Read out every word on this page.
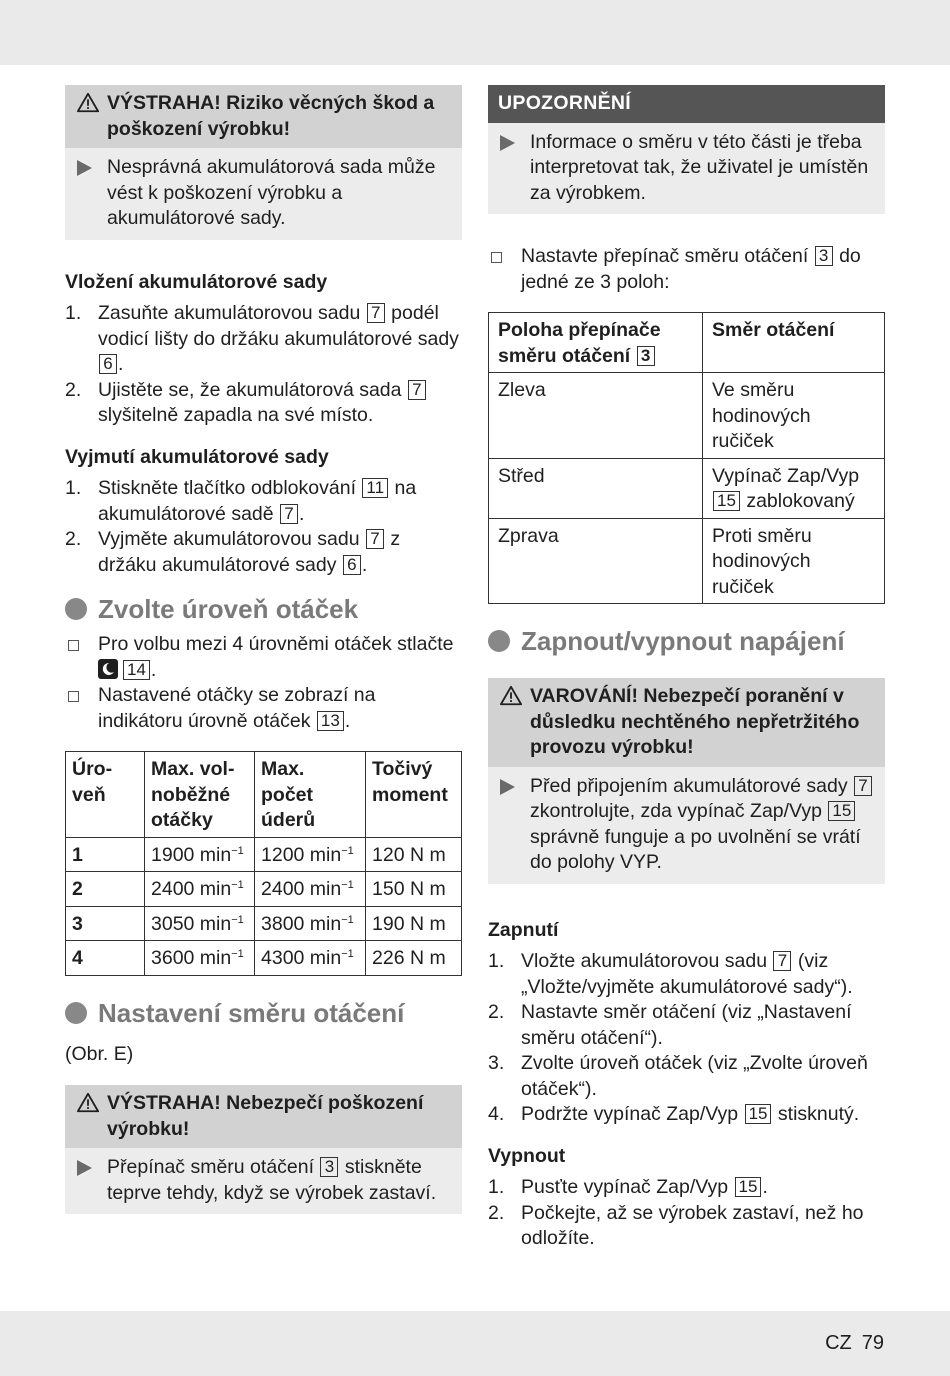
VÝSTRAHA! Riziko věcných škod a poškození výrobku!
Nesprávná akumulátorová sada může vést k poškození výrobku a akumulátorové sady.
Vložení akumulátorové sady
1. Zasuňte akumulátorovou sadu 7 podél vodicí lišty do držáku akumulátorové sady 6 .
2. Ujistěte se, že akumulátorová sada 7 slyšitelně zapadla na své místo.
Vyjmutí akumulátorové sady
1. Stiskněte tlačítko odblokování 11 na akumulátorové sadě 7 .
2. Vyjměte akumulátorovou sadu 7 z držáku akumulátorové sady 6 .
Zvolte úroveň otáček
Pro volbu mezi 4 úrovněmi otáček stlačte 14 .
Nastavené otáčky se zobrazí na indikátoru úrovně otáček 13 .
Úro-veň	Max. vol-noběžné otáčky	Max. počet úderů	Točivý moment
1	1900 $\min^{-1}$	1200 $\min^{-1}$	120 N m
2	2400 $\min^{-1}$	2400 $\min^{-1}$	150 N m
3	3050 $\min^{-1}$	3800 $\min^{-1}$	190 N m
4	3600 $\min^{-1}$	4300 $\min^{-1}$	226 N m
Nastavení směru otáčení

(Obr. E)

VÝSTRAHA! Nebezpečí poškození výrobku!
Přepínač směru otáčení 3 stiskněte teprve tehdy, když se výrobek zastaví.
UPOZORNĚNÍ
Informace o směru v této části je třeba interpretovat tak, že uživatel je umístěn za výrobkem.
Nastavte přepínač směru otáčení 3 do jedné ze 3 poloh:
Poloha přepínače směru otáčení 3	Směr otáčení
Zleva	Ve směru hodinových ručiček
Střed	Vypínač Zap/Vyp 15 zablokovaný
Zprava	Proti směru hodinových ručiček
Zapnout/vypnout napájení
VAROVÁNÍ! Nebezpečí poranění v důsledku nechtěného nepřetržitého provozu výrobku!
Před připojením akumulátorové sady 7 zkontrolujte, zda vypínač Zap/Vyp 15 správně funguje a po uvolnění se vrátí do polohy VYP.
Zapnutí
1. Vložte akumulátorovou sadu 7 (viz „Vložte/vyjměte akumulátorové sady“).
2. Nastavte směr otáčení (viz „Nastavení směru otáčení“).
3. Zvolte úroveň otáček (viz „Zvolte úroveň otáček“).
4. Podržte vypínač Zap/Vyp 15 stisknutý.
Vypnout
1. Pusťte vypínač Zap/Vyp 15 .
2. Počkejte, až se výrobek zastaví, než ho odložíte.
CZ 79
